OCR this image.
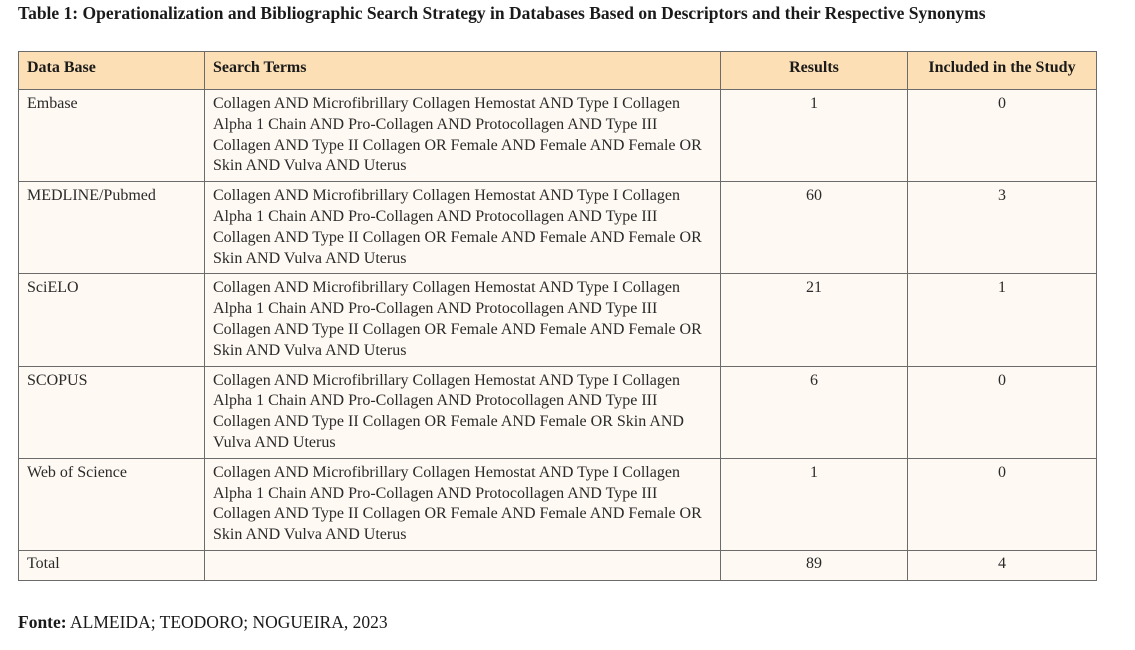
Table 1: Operationalization and Bibliographic Search Strategy in Databases Based on Descriptors and their Respective Synonyms
Data Base	Search Terms	Results	Included in the Study
Embase	Collagen AND Microfibrillary Collagen Hemostat AND Type I Collagen Alpha 1 Chain AND Pro-Collagen AND Protocollagen AND Type III Collagen AND Type II Collagen OR Female AND Female AND Female OR Skin AND Vulva AND Uterus	1	0
MEDLINE/Pubmed	Collagen AND Microfibrillary Collagen Hemostat AND Type I Collagen Alpha 1 Chain AND Pro-Collagen AND Protocollagen AND Type III Collagen AND Type II Collagen OR Female AND Female AND Female OR Skin AND Vulva AND Uterus	60	3
SciELO	Collagen AND Microfibrillary Collagen Hemostat AND Type I Collagen Alpha 1 Chain AND Pro-Collagen AND Protocollagen AND Type III Collagen AND Type II Collagen OR Female AND Female AND Female OR Skin AND Vulva AND Uterus	21	1
SCOPUS	Collagen AND Microfibrillary Collagen Hemostat AND Type I Collagen Alpha 1 Chain AND Pro-Collagen AND Protocollagen AND Type III Collagen AND Type II Collagen OR Female AND Female OR Skin AND Vulva AND Uterus	6	0
Web of Science	Collagen AND Microfibrillary Collagen Hemostat AND Type I Collagen Alpha 1 Chain AND Pro-Collagen AND Protocollagen AND Type III Collagen AND Type II Collagen OR Female AND Female AND Female OR Skin AND Vulva AND Uterus	1	0
Total		89	4
Fonte: ALMEIDA; TEODORO; NOGUEIRA, 2023
